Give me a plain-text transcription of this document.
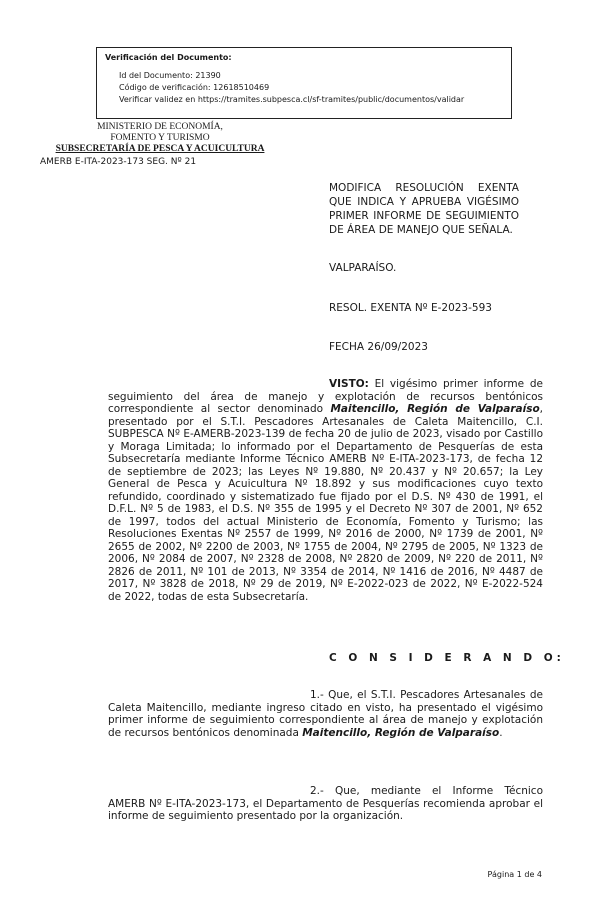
Verificación del Documento:
• Id del Documento: 21390
• Código de verificación: 12618510469
• Verificar validez en https://tramites.subpesca.cl/sf-tramites/public/documentos/validar
MINISTERIO DE ECONOMÍA,
FOMENTO Y TURISMO
SUBSECRETARÍA DE PESCA Y ACUICULTURA
AMERB E-ITA-2023-173 SEG. Nº 21
MODIFICA RESOLUCIÓN EXENTA QUE INDICA Y APRUEBA VIGÉSIMO PRIMER INFORME DE SEGUIMIENTO DE ÁREA DE MANEJO QUE SEÑALA.
VALPARAÍSO.
RESOL. EXENTA Nº E-2023-593
FECHA 26/09/2023
VISTO: El vigésimo primer informe de seguimiento del área de manejo y explotación de recursos bentónicos correspondiente al sector denominado Maitencillo, Región de Valparaíso, presentado por el S.T.I. Pescadores Artesanales de Caleta Maitencillo, C.I. SUBPESCA Nº E-AMERB-2023-139 de fecha 20 de julio de 2023, visado por Castillo y Moraga Limitada; lo informado por el Departamento de Pesquerías de esta Subsecretaría mediante Informe Técnico AMERB Nº E-ITA-2023-173, de fecha 12 de septiembre de 2023; las Leyes Nº 19.880, Nº 20.437 y Nº 20.657; la Ley General de Pesca y Acuicultura Nº 18.892 y sus modificaciones cuyo texto refundido, coordinado y sistematizado fue fijado por el D.S. Nº 430 de 1991, el D.F.L. Nº 5 de 1983, el D.S. Nº 355 de 1995 y el Decreto Nº 307 de 2001, Nº 652 de 1997, todos del actual Ministerio de Economía, Fomento y Turismo; las Resoluciones Exentas Nº 2557 de 1999, Nº 2016 de 2000, Nº 1739 de 2001, Nº 2655 de 2002, Nº 2200 de 2003, Nº 1755 de 2004, Nº 2795 de 2005, Nº 1323 de 2006, Nº 2084 de 2007, Nº 2328 de 2008, Nº 2820 de 2009, Nº 220 de 2011, Nº 2826 de 2011, Nº 101 de 2013, Nº 3354 de 2014, Nº 1416 de 2016, Nº 4487 de 2017, Nº 3828 de 2018, Nº 29 de 2019, Nº E-2022-023 de 2022, Nº E-2022-524 de 2022, todas de esta Subsecretaría.
C O N S I D E R A N D O:
1.- Que, el S.T.I. Pescadores Artesanales de Caleta Maitencillo, mediante ingreso citado en visto, ha presentado el vigésimo primer informe de seguimiento correspondiente al área de manejo y explotación de recursos bentónicos denominada Maitencillo, Región de Valparaíso.
2.- Que, mediante el Informe Técnico AMERB Nº E-ITA-2023-173, el Departamento de Pesquerías recomienda aprobar el informe de seguimiento presentado por la organización.
Página 1 de 4
